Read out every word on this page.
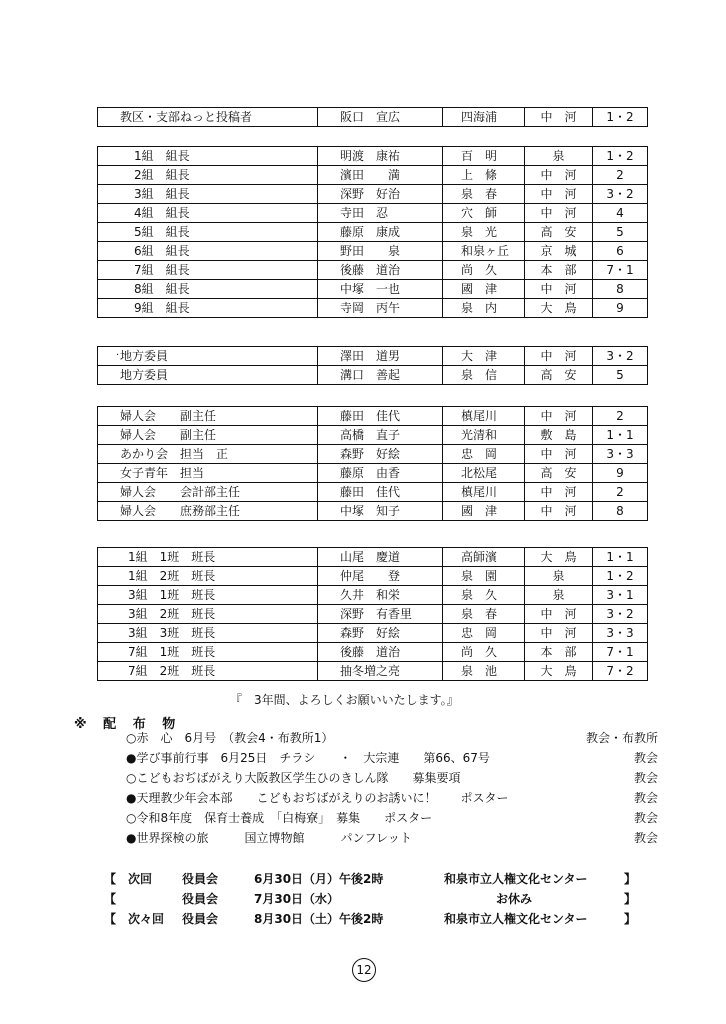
教区・支部ねっと投稿者	阪口　宣広	四海浦	中　河	1・2
1組　組長	明渡　康祐	百　明	泉	1・2
2組　組長	濱田　　満	上　條	中　河	2
3組　組長	深野　好治	泉　春	中　河	3・2
4組　組長	寺田　忍	穴　師	中　河	4
5組　組長	藤原　康成	泉　光	高　安	5
6組　組長	野田　　泉	和泉ヶ丘	京　城	6
7組　組長	後藤　道治	尚　久	本　部	7・1
8組　組長	中塚　一也	國　津	中　河	8
9組　組長	寺岡　丙午	泉　内	大　鳥	9
· 地方委員	澤田　道男	大　津	中　河	3・2
地方委員	溝口　善起	泉　信	高　安	5
婦人会　　副主任	藤田　佳代	槙尾川	中　河	2
婦人会　　副主任	高橋　直子	光清和	敷　島	1・1
あかり会　担当　正	森野　好絵	忠　岡	中　河	3・3
女子青年　担当	藤原　由香	北松尾	高　安	9
婦人会　　会計部主任	藤田　佳代	槙尾川	中　河	2
婦人会　　庶務部主任	中塚　知子	國　津	中　河	8
1組　1班　班長	山尾　慶道	高師濱	大　鳥	1・1
1組　2班　班長	仲尾　　登	泉　園	泉	1・2
3組　1班　班長	久井　和栄	泉　久	泉	3・1
3組　2班　班長	深野　有香里	泉　春	中　河	3・2
3組　3班　班長	森野　好絵	忠　岡	中　河	3・3
7組　1班　班長	後藤　道治	尚　久	本　部	7・1
7組　2班　班長	抽冬増之亮	泉　池	大　鳥	7・2
『　3年間、よろしくお願いいたします。』
※ 配 布 物
○赤　心　6月号　（教会4・布教所1）	教会・布教所
●学び事前行事　6月25日　チラシ　　・　大宗連　　第66、67号	教会
○こどもおぢばがえり大阪教区学生ひのきしん隊　　募集要項	教会
●天理教少年会本部　　こどもおぢばがえりのお誘いに！　　ポスター	教会
○令和8年度　保育士養成　「白梅寮」　募集　　ポスター	教会
●世界探検の旅　　　国立博物館　　　パンフレット	教会
【 次回 役員会	6月30日（月）午後2時	和泉市立人権文化センター	】
【	役員会	7月30日（水）	お休み	】
【 次々回 役員会	8月30日（土）午後2時	和泉市立人権文化センター	】
12
